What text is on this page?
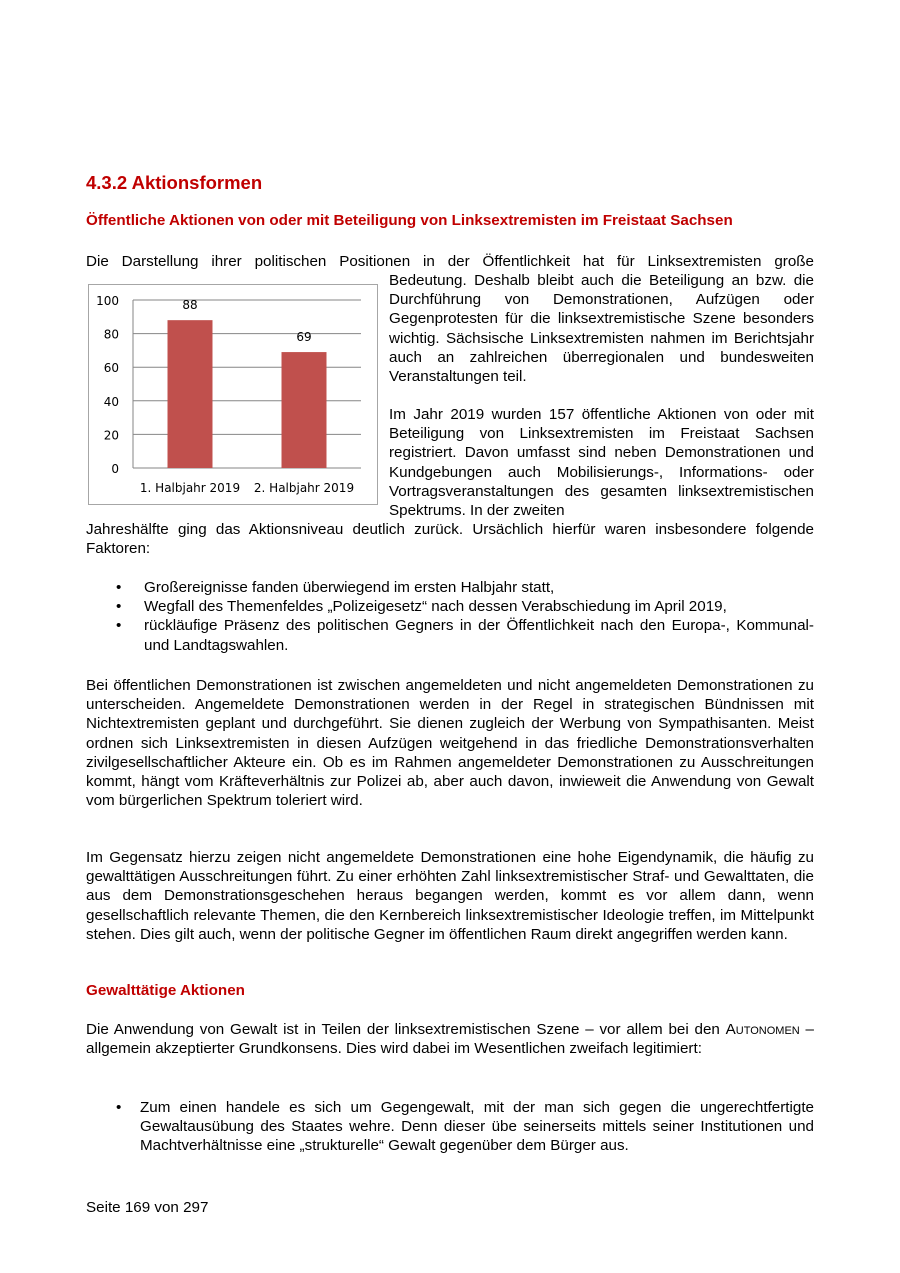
4.3.2 Aktionsformen
Öffentliche Aktionen von oder mit Beteiligung von Linksextremisten im Freistaat Sachsen

Die Darstellung ihrer politischen Positionen in der Öffentlichkeit hat für Linksextremisten große

0
20
40
60
80
100	88
1. Halbjahr 2019
69
2. Halbjahr 2019

Bedeutung. Deshalb bleibt auch die Beteiligung an bzw. die Durchführung von Demonstrationen, Aufzügen oder Gegenprotesten für die linksextremistische Szene besonders wichtig. Sächsische Linksextremisten nahmen im Berichtsjahr auch an zahlreichen überregionalen und bundesweiten Veranstaltungen teil.

Im Jahr 2019 wurden 157 öffentliche Aktionen von oder mit Beteiligung von Linksextremisten im Freistaat Sachsen registriert. Davon umfasst sind neben Demonstrationen und Kundgebungen auch Mobilisierungs-, Informations- oder Vortragsveranstaltungen des gesamten linksextremistischen Spektrums. In der zweiten

Jahreshälfte ging das Aktionsniveau deutlich zurück. Ursächlich hierfür waren insbesondere folgende Faktoren:

• Großereignisse fanden überwiegend im ersten Halbjahr statt,
• Wegfall des Themenfeldes „Polizeigesetz“ nach dessen Verabschiedung im April 2019,
• rückläufige Präsenz des politischen Gegners in der Öffentlichkeit nach den Europa-, Kommunal- und Landtagswahlen.

Bei öffentlichen Demonstrationen ist zwischen angemeldeten und nicht angemeldeten Demonstrationen zu unterscheiden. Angemeldete Demonstrationen werden in der Regel in strategischen Bündnissen mit Nichtextremisten geplant und durchgeführt. Sie dienen zugleich der Werbung von Sympathisanten. Meist ordnen sich Linksextremisten in diesen Aufzügen weitgehend in das friedliche Demonstrationsverhalten zivilgesellschaftlicher Akteure ein. Ob es im Rahmen angemeldeter Demonstrationen zu Ausschreitungen kommt, hängt vom Kräfteverhältnis zur Polizei ab, aber auch davon, inwieweit die Anwendung von Gewalt vom bürgerlichen Spektrum toleriert wird.

Im Gegensatz hierzu zeigen nicht angemeldete Demonstrationen eine hohe Eigendynamik, die häufig zu gewalttätigen Ausschreitungen führt. Zu einer erhöhten Zahl linksextremistischer Straf- und Gewalttaten, die aus dem Demonstrationsgeschehen heraus begangen werden, kommt es vor allem dann, wenn gesellschaftlich relevante Themen, die den Kernbereich linksextremistischer Ideologie treffen, im Mittelpunkt stehen. Dies gilt auch, wenn der politische Gegner im öffentlichen Raum direkt angegriffen werden kann.

Gewalttätige Aktionen

Die Anwendung von Gewalt ist in Teilen der linksextremistischen Szene – vor allem bei den Autonomen – allgemein akzeptierter Grundkonsens. Dies wird dabei im Wesentlichen zweifach legitimiert:

• Zum einen handele es sich um Gegengewalt, mit der man sich gegen die ungerechtfertigte Gewaltausübung des Staates wehre. Denn dieser übe seinerseits mittels seiner Institutionen und Machtverhältnisse eine „strukturelle“ Gewalt gegenüber dem Bürger aus.
Seite 169 von 297
